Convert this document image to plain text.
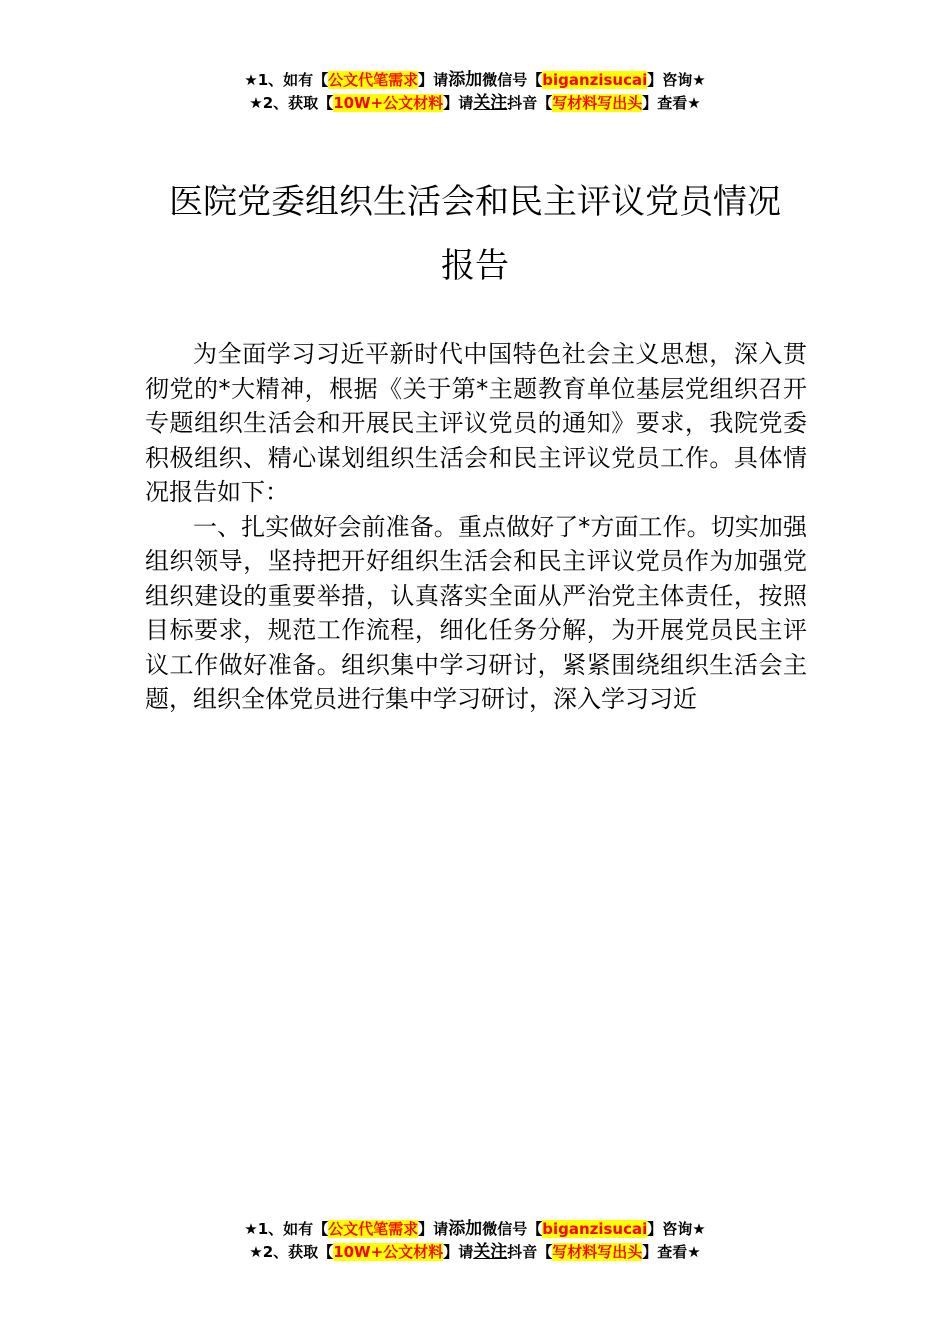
★1、如有【公文代笔需求】请添加微信号【biganzisucai】咨询★
★2、获取【10W+公文材料】请关注抖音【写材料写出头】查看★
医院党委组织生活会和民主评议党员情况
报告

为全面学习习近平新时代中国特色社会主义思想，深入贯彻党的*大精神，根据《关于第*主题教育单位基层党组织召开专题组织生活会和开展民主评议党员的通知》要求，我院党委积极组织、精心谋划组织生活会和民主评议党员工作。具体情况报告如下：

一、扎实做好会前准备。重点做好了*方面工作。切实加强组织领导，坚持把开好组织生活会和民主评议党员作为加强党组织建设的重要举措，认真落实全面从严治党主体责任，按照目标要求，规范工作流程，细化任务分解，为开展党员民主评议工作做好准备。组织集中学习研讨，紧紧围绕组织生活会主题，组织全体党员进行集中学习研讨，深入学习习近

★1、如有【公文代笔需求】请添加微信号【biganzisucai】咨询★
★2、获取【10W+公文材料】请关注抖音【写材料写出头】查看★
